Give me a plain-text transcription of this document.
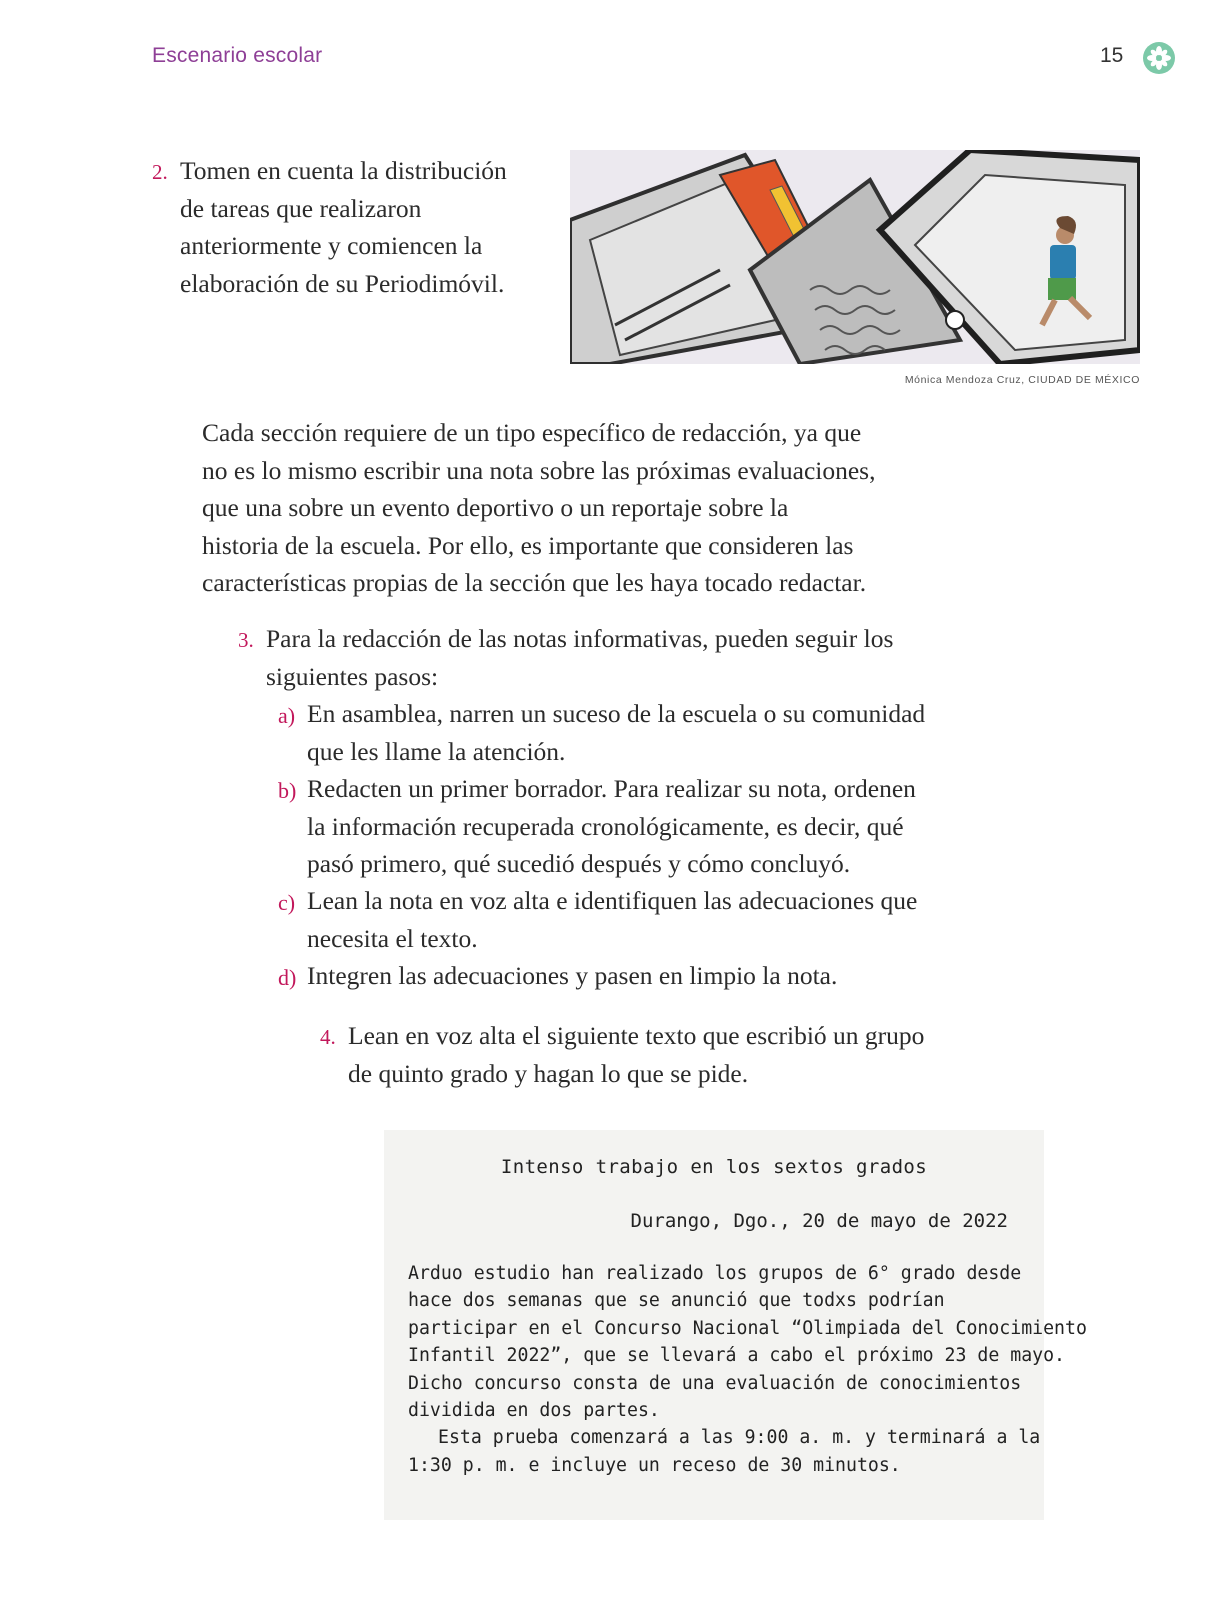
Escenario escolar	15
2. Tomen en cuenta la distribución
de tareas que realizaron
anteriormente y comiencen la
elaboración de su Periodimóvil.
Mónica Mendoza Cruz, CIUDAD DE MÉXICO
Cada sección requiere de un tipo específico de redacción, ya que
no es lo mismo escribir una nota sobre las próximas evaluaciones,
que una sobre un evento deportivo o un reportaje sobre la
historia de la escuela. Por ello, es importante que consideren las
características propias de la sección que les haya tocado redactar.
3. Para la redacción de las notas informativas, pueden seguir los
siguientes pasos:
a) En asamblea, narren un suceso de la escuela o su comunidad
que les llame la atención.
b) Redacten un primer borrador. Para realizar su nota, ordenen
la información recuperada cronológicamente, es decir, qué
pasó primero, qué sucedió después y cómo concluyó.
c) Lean la nota en voz alta e identifiquen las adecuaciones que
necesita el texto.
d) Integren las adecuaciones y pasen en limpio la nota.
4. Lean en voz alta el siguiente texto que escribió un grupo
de quinto grado y hagan lo que se pide.
Intenso trabajo en los sextos grados
Durango, Dgo., 20 de mayo de 2022
Arduo estudio han realizado los grupos de 6° grado desde
hace dos semanas que se anunció que todxs podrían
participar en el Concurso Nacional “Olimpiada del Conocimiento
Infantil 2022”, que se llevará a cabo el próximo 23 de mayo.
Dicho concurso consta de una evaluación de conocimientos
dividida en dos partes.
Esta prueba comenzará a las 9:00 a. m. y terminará a la
1:30 p. m. e incluye un receso de 30 minutos.
